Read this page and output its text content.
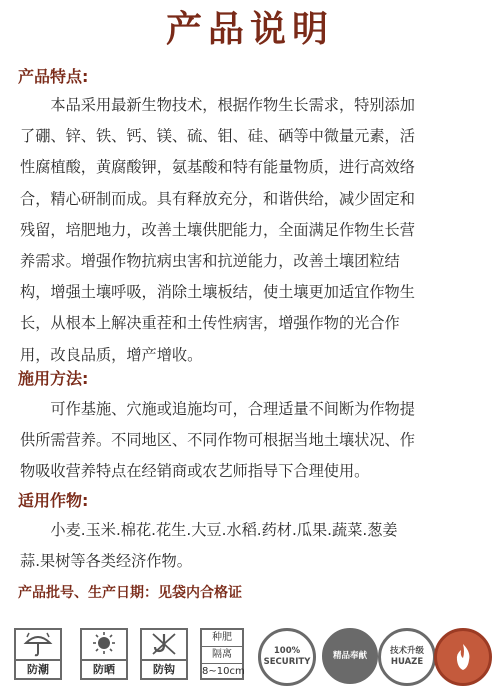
产品说明
产品特点:
本品采用最新生物技术，根据作物生长需求，特别添加
了硼、锌、铁、钙、镁、硫、钼、硅、硒等中微量元素，活
性腐植酸，黄腐酸钾，氨基酸和特有能量物质，进行高效络
合，精心研制而成。具有释放充分，和谐供给，减少固定和
残留，培肥地力，改善土壤供肥能力，全面满足作物生长营
养需求。增强作物抗病虫害和抗逆能力，改善土壤团粒结
构，增强土壤呼吸，消除土壤板结，使土壤更加适宜作物生
长，从根本上解决重茬和土传性病害，增强作物的光合作
用，改良品质，增产增收。
施用方法:
可作基施、穴施或追施均可，合理适量不间断为作物提
供所需营养。不同地区、不同作物可根据当地土壤状况、作
物吸收营养特点在经销商或农艺师指导下合理使用。
适用作物:
小麦.玉米.棉花.花生.大豆.水稻.药材.瓜果.蔬菜.葱姜
蒜.果树等各类经济作物。
产品批号、生产日期：见袋内合格证
防潮	防晒	防钩
种肥
隔离
8~10cm
100% SECURITY
精品奉献	技术升级
HUAZE
